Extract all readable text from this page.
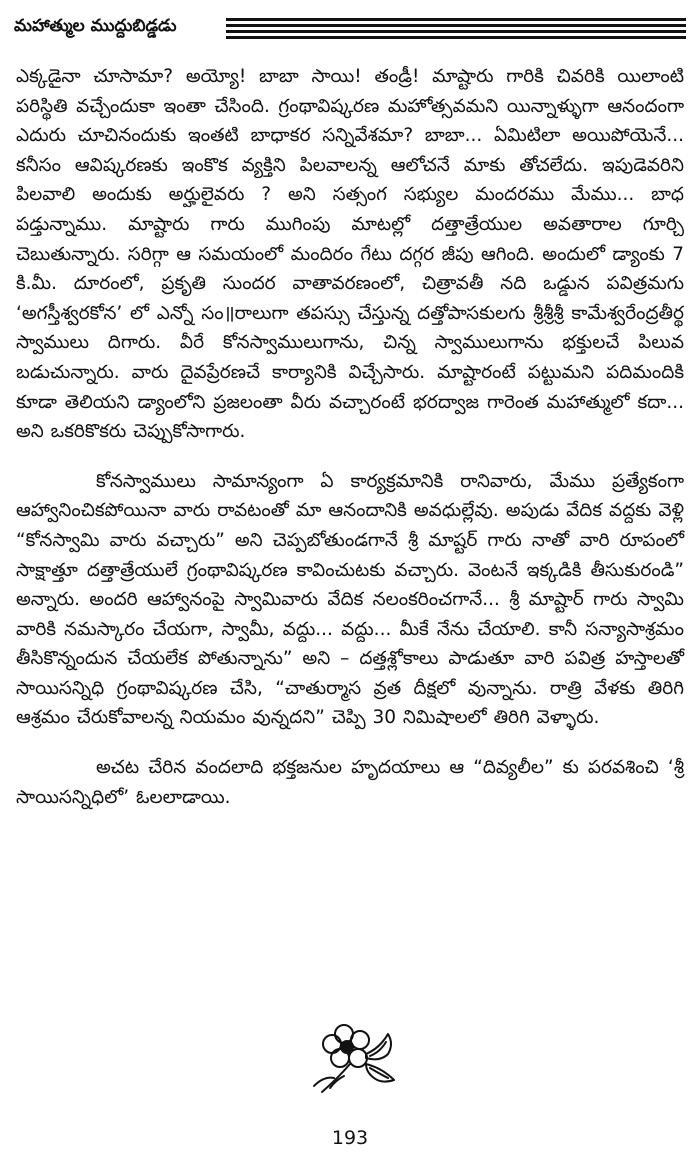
మహాత్ముల ముద్దుబిడ్డడు

ఎక్కడైనా చూసామా? అయ్యో! బాబా సాయి! తండ్రీ! మాష్టారు గారికి చివరికి యిలాంటి పరిస్థితి వచ్చేందుకా ఇంతా చేసింది. గ్రంథావిష్కరణ మహోత్సవమని యిన్నాళ్ళుగా ఆనందంగా ఎదురు చూచినందుకు ఇంతటి బాధాకర సన్నివేశమా? బాబా... ఏమిటిలా అయిపోయెనే... కనీసం ఆవిష్కరణకు ఇంకొక వ్యక్తిని పిలవాలన్న ఆలోచనే మాకు తోచలేదు. ఇపుడెవరిని పిలవాలి అందుకు అర్హులైవరు ? అని సత్సంగ సభ్యుల మందరము మేము... బాధ పడ్తున్నాము. మాష్టారు గారు ముగింపు మాటల్లో దత్తాత్రేయుల అవతారాల గూర్చి చెబుతున్నారు. సరిగ్గా ఆ సమయంలో మందిరం గేటు దగ్గర జీపు ఆగింది. అందులో డ్యాంకు 7 కి.మీ. దూరంలో, ప్రకృతి సుందర వాతావరణంలో, చిత్రావతీ నది ఒడ్డున పవిత్రమగు ‘అగస్తీశ్వరకోన’ లో ఎన్నో సం॥రాలుగా తపస్సు చేస్తున్న దత్తోపాసకులగు శ్రీశ్రీశ్రీ కామేశ్వరేంద్రతీర్థ స్వాములు దిగారు. వీరే కోనస్వాములుగాను, చిన్న స్వాములుగాను భక్తులచే పిలువ బడుచున్నారు. వారు దైవప్రేరణచే కార్యానికి విచ్చేసారు. మాష్టారంటే పట్టుమని పదిమందికి కూడా తెలియని డ్యాంలోని ప్రజలంతా వీరు వచ్చారంటే భరద్వాజ గారెంత మహాత్ములో కదా... అని ఒకరికొకరు చెప్పుకోసాగారు.

కోనస్వాములు సామాన్యంగా ఏ కార్యక్రమానికి రానివారు, మేము ప్రత్యేకంగా ఆహ్వానించికపోయినా వారు రావటంతో మా ఆనందానికి అవధుల్లేవు. అపుడు వేదిక వద్దకు వెళ్లి “కోనస్వామి వారు వచ్చారు” అని చెప్పబోతుండగానే శ్రీ మాష్టర్ గారు నాతో వారి రూపంలో సాక్షాత్తూ దత్తాత్రేయులే గ్రంథావిష్కరణ కావించుటకు వచ్చారు. వెంటనే ఇక్కడికి తీసుకురండి” అన్నారు. అందరి ఆహ్వానంపై స్వామివారు వేదిక నలంకరించగానే... శ్రీ మాష్టార్ గారు స్వామి వారికి నమస్కారం చేయగా, స్వామీ, వద్దు... వద్దు... మీకే నేను చేయాలి. కానీ సన్యాసాశ్రమం తీసికొన్నందున చేయలేక పోతున్నాను” అని – దత్తశ్లోకాలు పాడుతూ వారి పవిత్ర హస్తాలతో సాయిసన్నిధి గ్రంథావిష్కరణ చేసి, “చాతుర్మాస వ్రత దీక్షలో వున్నాను. రాత్రి వేళకు తిరిగి ఆశ్రమం చేరుకోవాలన్న నియమం వున్నదని” చెప్పి 30 నిమిషాలలో తిరిగి వెళ్ళారు.

అచట చేరిన వందలాది భక్తజనుల హృదయాలు ఆ “దివ్యలీల” కు పరవశించి ‘శ్రీ సాయిసన్నిధిలో’ ఓలలాడాయి.

193
